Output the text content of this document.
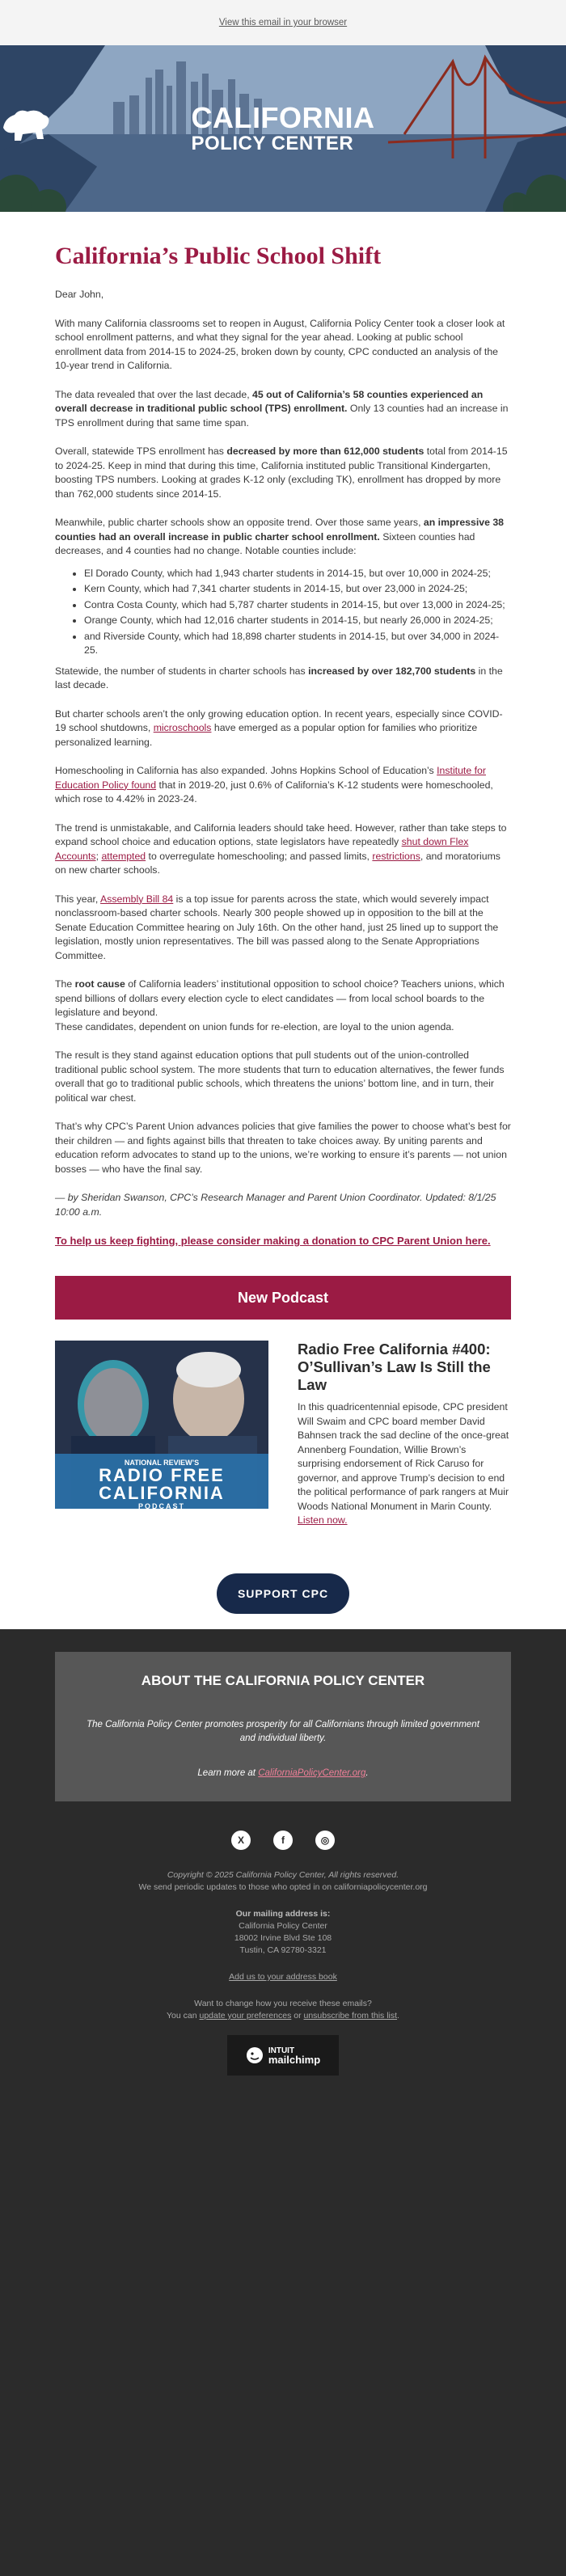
View this email in your browser
CALIFORNIA
POLICY CENTER
California’s Public School Shift

Dear John,

With many California classrooms set to reopen in August, California Policy Center took a closer look at school enrollment patterns, and what they signal for the year ahead. Looking at public school enrollment data from 2014-15 to 2024-25, broken down by county, CPC conducted an analysis of the 10-year trend in California.

The data revealed that over the last decade, 45 out of California’s 58 counties experienced an overall decrease in traditional public school (TPS) enrollment. Only 13 counties had an increase in TPS enrollment during that same time span.

Overall, statewide TPS enrollment has decreased by more than 612,000 students total from 2014-15 to 2024-25. Keep in mind that during this time, California instituted public Transitional Kindergarten, boosting TPS numbers. Looking at grades K-12 only (excluding TK), enrollment has dropped by more than 762,000 students since 2014-15.

Meanwhile, public charter schools show an opposite trend. Over those same years, an impressive 38 counties had an overall increase in public charter school enrollment. Sixteen counties had decreases, and 4 counties had no change. Notable counties include:

• El Dorado County, which had 1,943 charter students in 2014-15, but over 10,000 in 2024-25;
• Kern County, which had 7,341 charter students in 2014-15, but over 23,000 in 2024-25;
• Contra Costa County, which had 5,787 charter students in 2014-15, but over 13,000 in 2024-25;
• Orange County, which had 12,016 charter students in 2014-15, but nearly 26,000 in 2024-25;
• and Riverside County, which had 18,898 charter students in 2014-15, but over 34,000 in 2024-25.

Statewide, the number of students in charter schools has increased by over 182,700 students in the last decade.

But charter schools aren’t the only growing education option. In recent years, especially since COVID-19 school shutdowns, microschools have emerged as a popular option for families who prioritize personalized learning.

Homeschooling in California has also expanded. Johns Hopkins School of Education’s Institute for Education Policy found that in 2019-20, just 0.6% of California’s K-12 students were homeschooled, which rose to 4.42% in 2023-24.

The trend is unmistakable, and California leaders should take heed. However, rather than take steps to expand school choice and education options, state legislators have repeatedly shut down Flex Accounts; attempted to overregulate homeschooling; and passed limits, restrictions, and moratoriums on new charter schools.

This year, Assembly Bill 84 is a top issue for parents across the state, which would severely impact nonclassroom-based charter schools. Nearly 300 people showed up in opposition to the bill at the Senate Education Committee hearing on July 16th. On the other hand, just 25 lined up to support the legislation, mostly union representatives. The bill was passed along to the Senate Appropriations Committee.

The root cause of California leaders’ institutional opposition to school choice? Teachers unions, which spend billions of dollars every election cycle to elect candidates — from local school boards to the legislature and beyond.
These candidates, dependent on union funds for re-election, are loyal to the union agenda.

The result is they stand against education options that pull students out of the union-controlled traditional public school system. The more students that turn to education alternatives, the fewer funds overall that go to traditional public schools, which threatens the unions’ bottom line, and in turn, their political war chest.

That’s why CPC’s Parent Union advances policies that give families the power to choose what’s best for their children — and fights against bills that threaten to take choices away. By uniting parents and education reform advocates to stand up to the unions, we’re working to ensure it’s parents — not union bosses — who have the final say.

— by Sheridan Swanson, CPC’s Research Manager and Parent Union Coordinator. Updated: 8/1/25 10:00 a.m.

To help us keep fighting, please consider making a donation to CPC Parent Union here.
New Podcast
NATIONAL REVIEW’S
RADIO FREE
CALIFORNIA
PODCAST
Radio Free California #400: O’Sullivan’s Law Is Still the Law

In this quadricentennial episode, CPC president Will Swaim and CPC board member David Bahnsen track the sad decline of the once-great Annenberg Foundation, Willie Brown’s surprising endorsement of Rick Caruso for governor, and approve Trump’s decision to end the political performance of park rangers at Muir Woods National Monument in Marin County. Listen now.

SUPPORT CPC
ABOUT THE CALIFORNIA POLICY CENTER

The California Policy Center promotes prosperity for all Californians through limited government and individual liberty.

Learn more at CaliforniaPolicyCenter.org.

X	f	◎
Copyright © 2025 California Policy Center, All rights reserved.
We send periodic updates to those who opted in on californiapolicycenter.org
Our mailing address is:
California Policy Center
18002 Irvine Blvd Ste 108
Tustin, CA 92780-3321
Add us to your address book
Want to change how you receive these emails?
You can update your preferences or unsubscribe from this list.
INTUIT
mailchimp
